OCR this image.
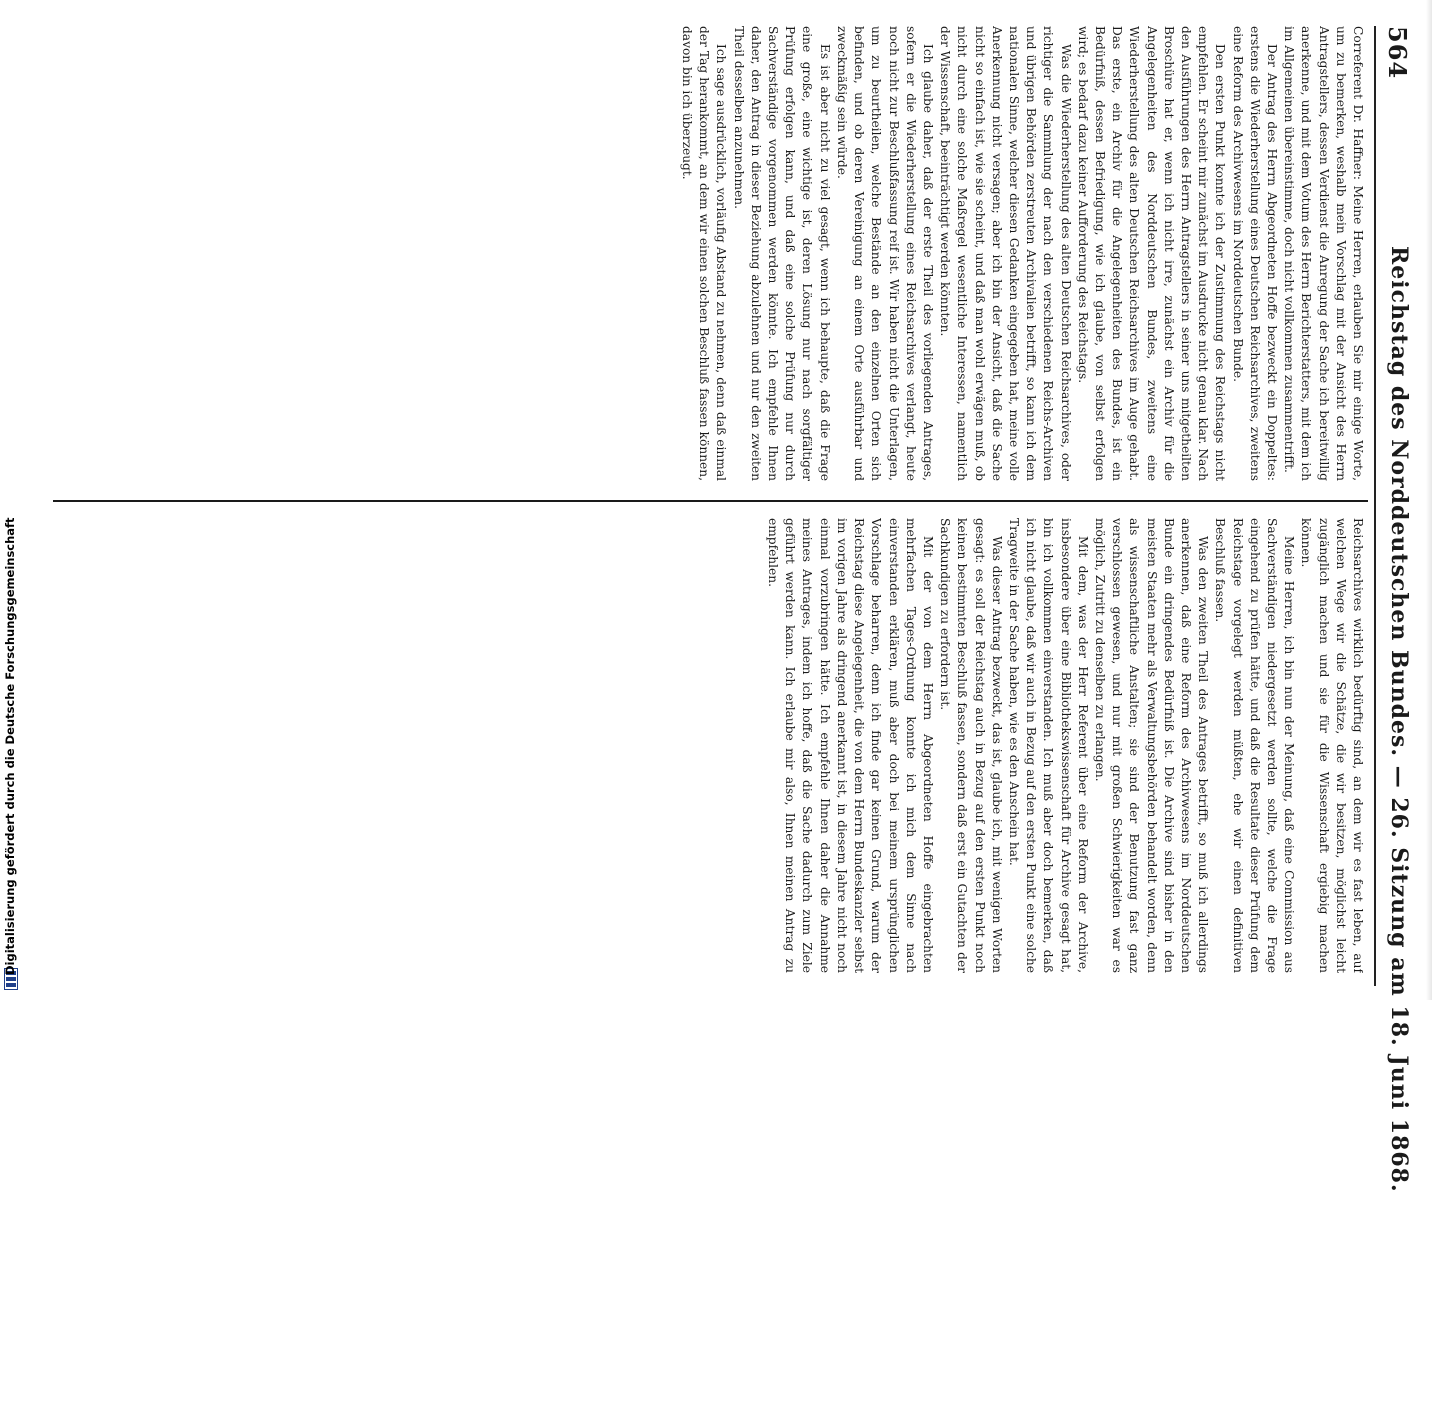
Digitalisierung gefördert durch die Deutsche Forschungsgemeinschaft
564
Reichstag des Norddeutschen Bundes. — 26. Sitzung am 18. Juni 1868.

Correferent Dr. Haffner: Meine Herren, erlauben Sie mir einige Worte, um zu bemerken, weshalb mein Vorschlag mit der Ansicht des Herrn Antragstellers, dessen Verdienst die Anregung der Sache ich bereitwillig anerkenne, und mit dem Votum des Herrn Berichterstatters, mit dem ich im Allgemeinen übereinstimme, doch nicht vollkommen zusammentrifft.

Der Antrag des Herrn Abgeordneten Hoffe bezweckt ein Doppeltes: erstens die Wiederherstellung eines Deutschen Reichsarchives, zweitens eine Reform des Archivwesens im Norddeutschen Bunde.

Den ersten Punkt konnte ich der Zustimmung des Reichstags nicht empfehlen. Er scheint mir zunächst im Ausdrucke nicht genau klar. Nach den Ausführungen des Herrn Antragstellers in seiner uns mitgetheilten Broschüre hat er, wenn ich nicht irre, zunächst ein Archiv für die Angelegenheiten des Norddeutschen Bundes, zweitens eine Wiederherstellung des alten Deutschen Reichsarchives im Auge gehabt. Das erste, ein Archiv für die Angelegenheiten des Bundes, ist ein Bedürfniß, dessen Befriedigung, wie ich glaube, von selbst erfolgen wird; es bedarf dazu keiner Aufforderung des Reichstags.

Was die Wiederherstellung des alten Deutschen Reichsarchives, oder richtiger die Sammlung der nach den verschiedenen Reichs-Archiven und übrigen Behörden zerstreuten Archivalien betrifft, so kann ich dem nationalen Sinne, welcher diesen Gedanken eingegeben hat, meine volle Anerkennung nicht versagen; aber ich bin der Ansicht, daß die Sache nicht so einfach ist, wie sie scheint, und daß man wohl erwägen muß, ob nicht durch eine solche Maßregel wesentliche Interessen, namentlich der Wissenschaft, beeinträchtigt werden könnten.

Ich glaube daher, daß der erste Theil des vorliegenden Antrages, sofern er die Wiederherstellung eines Reichsarchives verlangt, heute noch nicht zur Beschlußfassung reif ist. Wir haben nicht die Unterlagen, um zu beurtheilen, welche Bestände an den einzelnen Orten sich befinden, und ob deren Vereinigung an einem Orte ausführbar und zweckmäßig sein würde.

Es ist aber nicht zu viel gesagt, wenn ich behaupte, daß die Frage eine große, eine wichtige ist, deren Lösung nur nach sorgfältiger Prüfung erfolgen kann, und daß eine solche Prüfung nur durch Sachverständige vorgenommen werden könnte. Ich empfehle Ihnen daher, den Antrag in dieser Beziehung abzulehnen und nur den zweiten Theil desselben anzunehmen.

Ich sage ausdrücklich, vorläufig Abstand zu nehmen, denn daß einmal der Tag herankommt, an dem wir einen solchen Beschluß fassen können, davon bin ich überzeugt.

Reichsarchives wirklich bedürftig sind, an dem wir es fast leben, auf welchen Wege wir die Schätze, die wir besitzen, möglichst leicht zugänglich machen und sie für die Wissenschaft ergiebig machen können.

Meine Herren, ich bin nun der Meinung, daß eine Commission aus Sachverständigen niedergesetzt werden sollte, welche die Frage eingehend zu prüfen hätte, und daß die Resultate dieser Prüfung dem Reichstage vorgelegt werden müßten, ehe wir einen definitiven Beschluß fassen.

Was den zweiten Theil des Antrages betrifft, so muß ich allerdings anerkennen, daß eine Reform des Archivwesens im Norddeutschen Bunde ein dringendes Bedürfniß ist. Die Archive sind bisher in den meisten Staaten mehr als Verwaltungsbehörden behandelt worden, denn als wissenschaftliche Anstalten; sie sind der Benutzung fast ganz verschlossen gewesen, und nur mit großen Schwierigkeiten war es möglich, Zutritt zu denselben zu erlangen.

Mit dem, was der Herr Referent über eine Reform der Archive, insbesondere über eine Bibliothekswissenschaft für Archive gesagt hat, bin ich vollkommen einverstanden. Ich muß aber doch bemerken, daß ich nicht glaube, daß wir auch in Bezug auf den ersten Punkt eine solche Tragweite in der Sache haben, wie es den Anschein hat.

Was dieser Antrag bezweckt, das ist, glaube ich, mit wenigen Worten gesagt: es soll der Reichstag auch in Bezug auf den ersten Punkt noch keinen bestimmten Beschluß fassen, sondern daß erst ein Gutachten der Sachkundigen zu erfordern ist.

Mit der von dem Herrn Abgeordneten Hoffe eingebrachten mehrfachen Tages-Ordnung konnte ich mich dem Sinne nach einverstanden erklären, muß aber doch bei meinem ursprünglichen Vorschlage beharren, denn ich finde gar keinen Grund, warum der Reichstag diese Angelegenheit, die von dem Herrn Bundeskanzler selbst im vorigen Jahre als dringend anerkannt ist, in diesem Jahre nicht noch einmal vorzubringen hätte. Ich empfehle Ihnen daher die Annahme meines Antrages, indem ich hoffe, daß die Sache dadurch zum Ziele geführt werden kann. Ich erlaube mir also, Ihnen meinen Antrag zu empfehlen.
